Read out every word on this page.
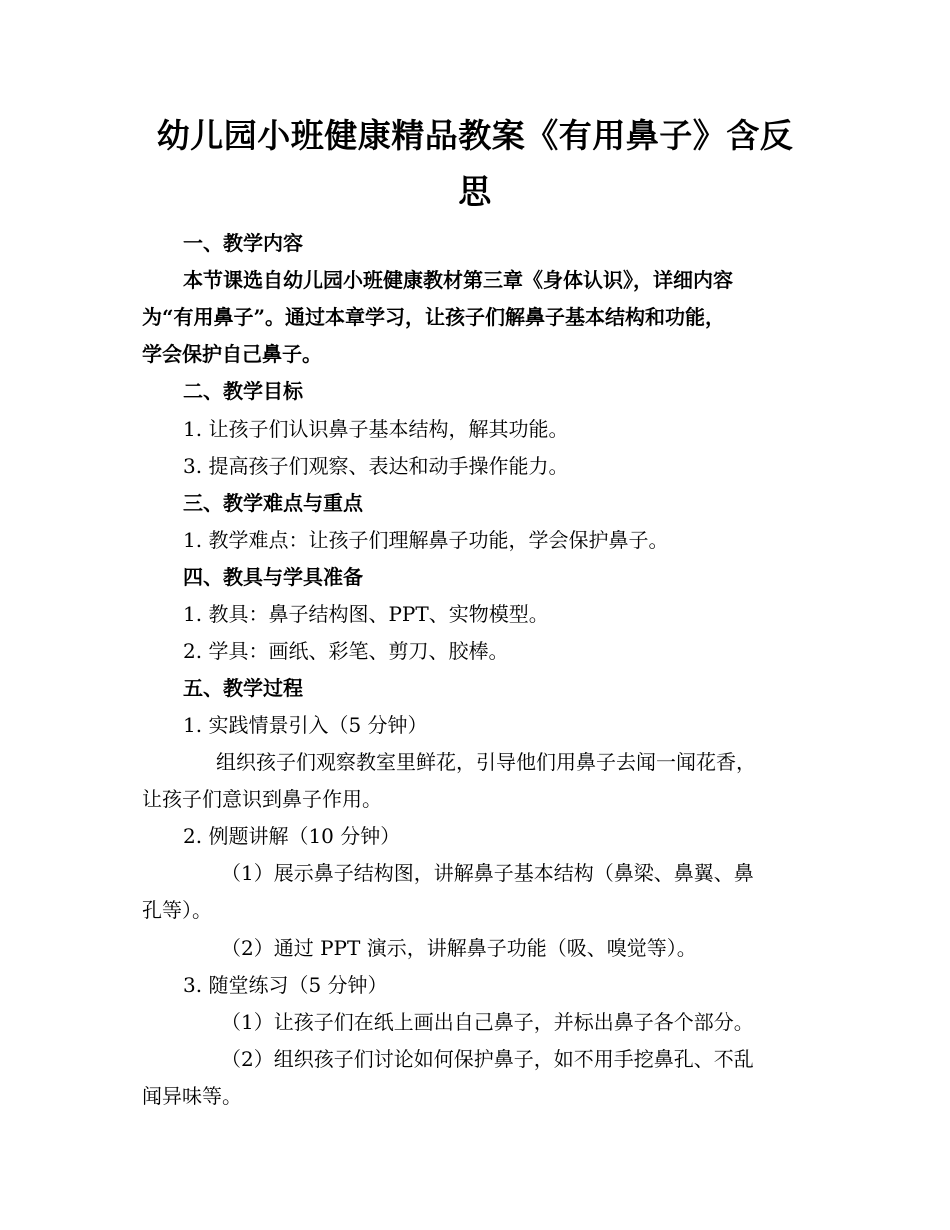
幼儿园小班健康精品教案《有用鼻子》含反思
一、教学内容
本节课选自幼儿园小班健康教材第三章《身体认识》，详细内容
为“有用鼻子”。通过本章学习，让孩子们解鼻子基本结构和功能，
学会保护自己鼻子。
二、教学目标
1. 让孩子们认识鼻子基本结构，解其功能。
3. 提高孩子们观察、表达和动手操作能力。
三、教学难点与重点
1. 教学难点：让孩子们理解鼻子功能，学会保护鼻子。
四、教具与学具准备
1. 教具：鼻子结构图、PPT、实物模型。
2. 学具：画纸、彩笔、剪刀、胶棒。
五、教学过程
1. 实践情景引入（5 分钟）
组织孩子们观察教室里鲜花，引导他们用鼻子去闻一闻花香，
让孩子们意识到鼻子作用。
2. 例题讲解（10 分钟）
（1）展示鼻子结构图，讲解鼻子基本结构（鼻梁、鼻翼、鼻
孔等）。
（2）通过 PPT 演示，讲解鼻子功能（吸、嗅觉等）。
3. 随堂练习（5 分钟）
（1）让孩子们在纸上画出自己鼻子，并标出鼻子各个部分。
（2）组织孩子们讨论如何保护鼻子，如不用手挖鼻孔、不乱
闻异味等。
